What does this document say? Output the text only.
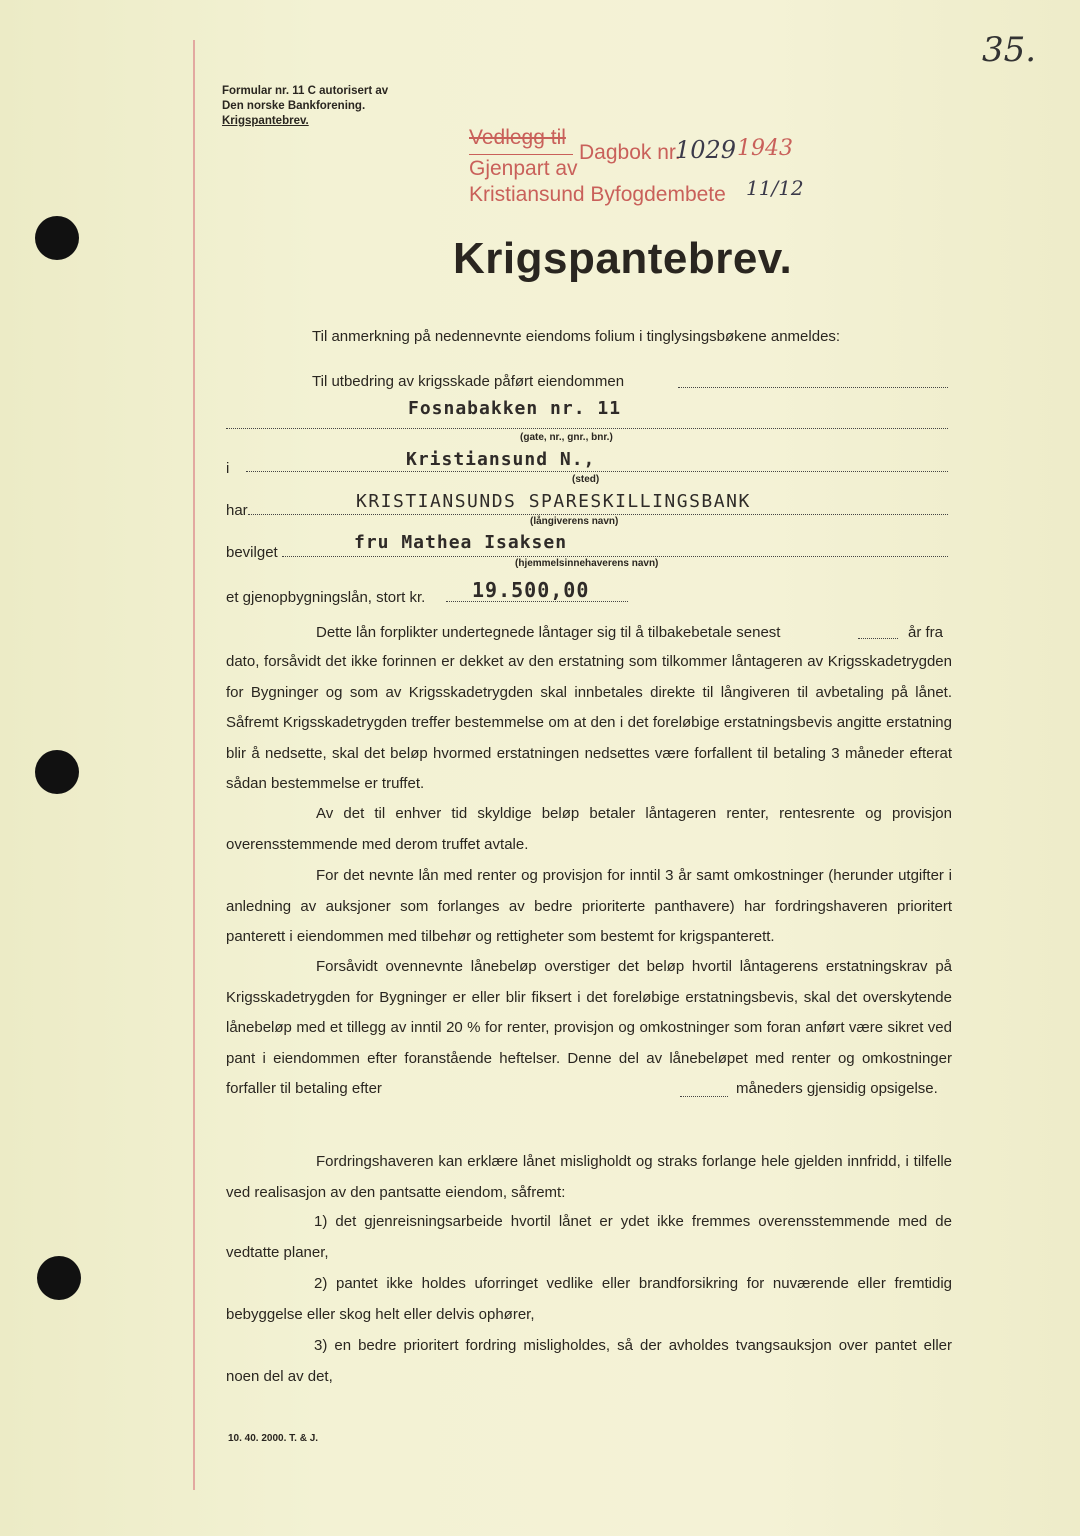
35.
Formular nr. 11 C autorisert av
Den norske Bankforening.
Krigspantebrev.
Vedlegg til
Dagbok nr.
1029 1943
Gjenpart av
Kristiansund Byfogdembete 11/12
Krigspantebrev.
Til anmerkning på nedennevnte eiendoms folium i tinglysingsbøkene anmeldes:
Til utbedring av krigsskade påført eiendommen
Fosnabakken nr. 11
(gate, nr., gnr., bnr.)
i	Kristiansund N.,
(sted)
har	KRISTIANSUNDS SPARESKILLINGSBANK
(långiverens navn)
bevilget	fru Mathea Isaksen
(hjemmelsinnehaverens navn)
et gjenopbygningslån, stort kr. 19.500,00
Dette lån forplikter undertegnede låntager sig til å tilbakebetale senest	år fra

dato, forsåvidt det ikke forinnen er dekket av den erstatning som tilkommer låntageren av Krigsskadetrygden for Bygninger og som av Krigsskadetrygden skal innbetales direkte til långiveren til avbetaling på lånet. Såfremt Krigsskadetrygden treffer bestemmelse om at den i det foreløbige erstatningsbevis angitte erstatning blir å nedsette, skal det beløp hvormed erstatningen nedsettes være forfallent til betaling 3 måneder efterat sådan bestemmelse er truffet.

Av det til enhver tid skyldige beløp betaler låntageren renter, rentesrente og provisjon overensstemmende med derom truffet avtale.

For det nevnte lån med renter og provisjon for inntil 3 år samt omkostninger (herunder utgifter i anledning av auksjoner som forlanges av bedre prioriterte panthavere) har fordringshaveren prioritert panterett i eiendommen med tilbehør og rettigheter som bestemt for krigspanterett.

Forsåvidt ovennevnte lånebeløp overstiger det beløp hvortil låntagerens erstatningskrav på Krigsskadetrygden for Bygninger er eller blir fiksert i det foreløbige erstatningsbevis, skal det overskytende lånebeløp med et tillegg av inntil 20 % for renter, provisjon og omkostninger som foran anført være sikret ved pant i eiendommen efter foranstående heftelser. Denne del av lånebeløpet med renter og omkostninger forfaller til betaling efter	måneders gjensidig opsigelse.

Fordringshaveren kan erklære lånet misligholdt og straks forlange hele gjelden innfridd, i tilfelle ved realisasjon av den pantsatte eiendom, såfremt:

1) det gjenreisningsarbeide hvortil lånet er ydet ikke fremmes overensstemmende med de vedtatte planer,

2) pantet ikke holdes uforringet vedlike eller brandforsikring for nuværende eller fremtidig bebyggelse eller skog helt eller delvis ophører,

3) en bedre prioritert fordring misligholdes, så der avholdes tvangsauksjon over pantet eller noen del av det,

10. 40. 2000. T. & J.
